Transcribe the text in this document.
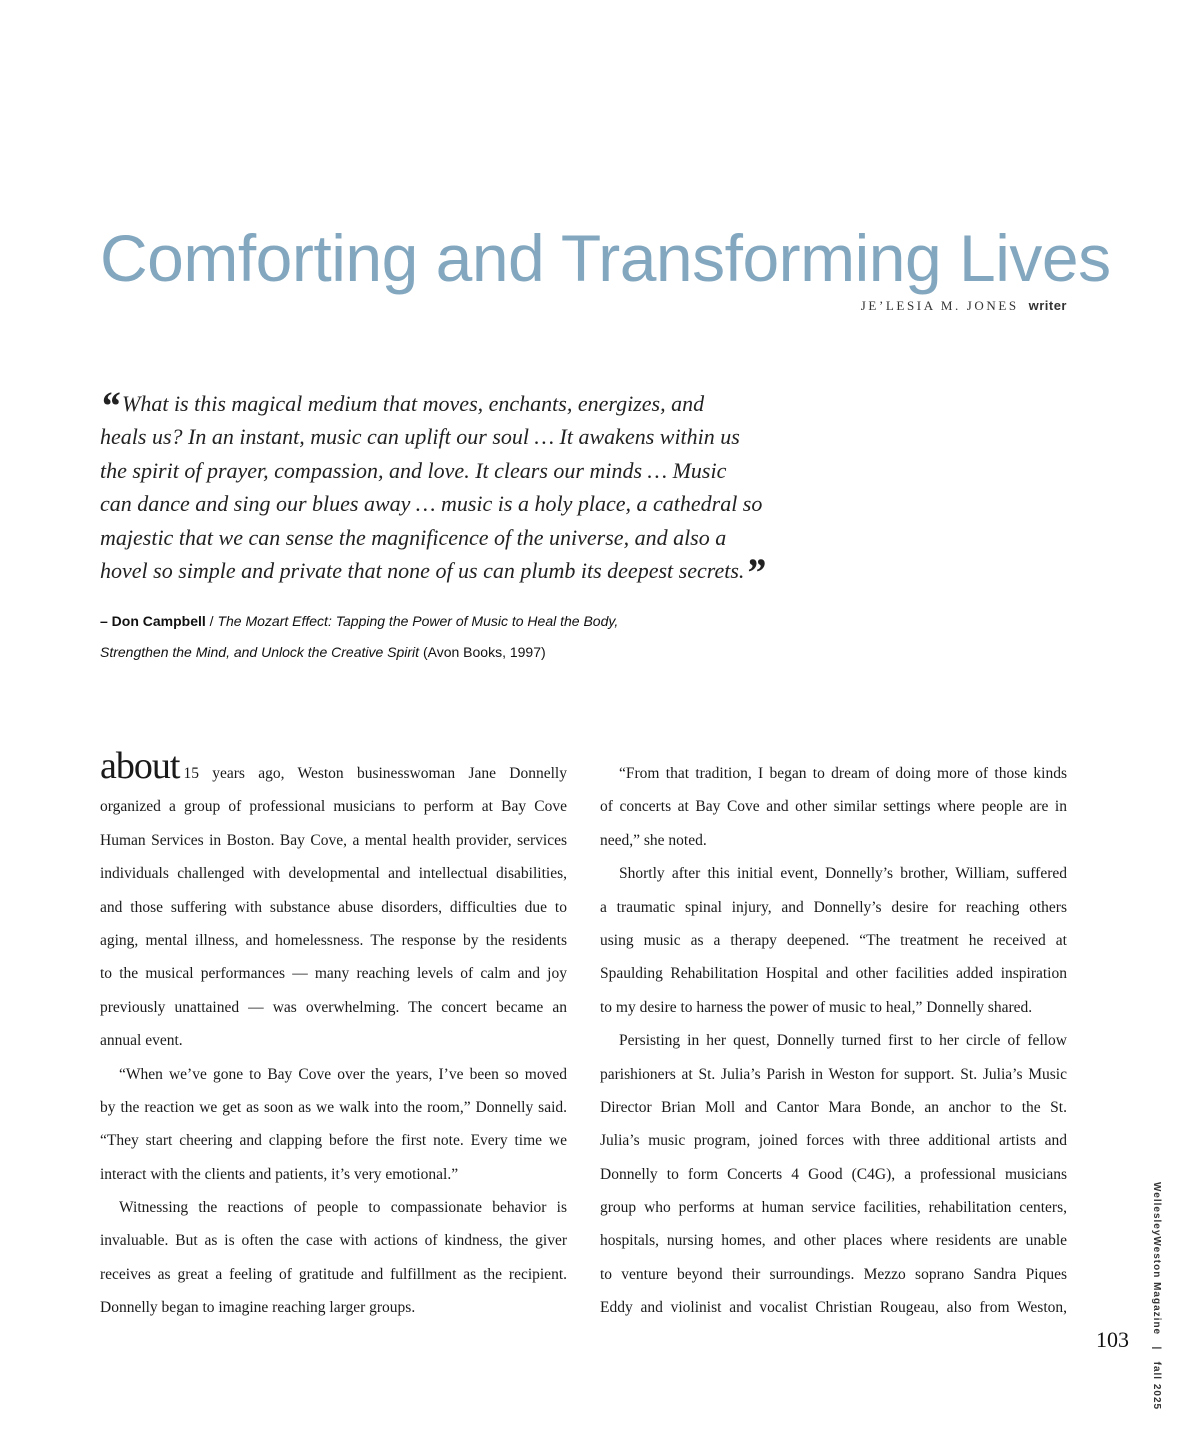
Comforting and Transforming Lives
JE’LESIA M. JONES writer
“What is this magical medium that moves, enchants, energizes, and
heals us? In an instant, music can uplift our soul … It awakens within us
the spirit of prayer, compassion, and love. It clears our minds … Music
can dance and sing our blues away … music is a holy place, a cathedral so
majestic that we can sense the magnificence of the universe, and also a
hovel so simple and private that none of us can plumb its deepest secrets.”
– Don Campbell / The Mozart Effect: Tapping the Power of Music to Heal the Body,
Strengthen the Mind, and Unlock the Creative Spirit (Avon Books, 1997)
about 15 years ago, Weston businesswoman Jane Donnelly
organized a group of professional musicians to perform at Bay Cove
Human Services in Boston. Bay Cove, a mental health provider, services
individuals challenged with developmental and intellectual disabilities,
and those suffering with substance abuse disorders, difficulties due to
aging, mental illness, and homelessness. The response by the residents
to the musical performances — many reaching levels of calm and joy
previously unattained — was overwhelming. The concert became an
annual event.
“When we’ve gone to Bay Cove over the years, I’ve been so moved
by the reaction we get as soon as we walk into the room,” Donnelly said.
“They start cheering and clapping before the first note. Every time we
interact with the clients and patients, it’s very emotional.”
Witnessing the reactions of people to compassionate behavior is
invaluable. But as is often the case with actions of kindness, the giver
receives as great a feeling of gratitude and fulfillment as the recipient.
Donnelly began to imagine reaching larger groups.
“From that tradition, I began to dream of doing more of those kinds
of concerts at Bay Cove and other similar settings where people are in
need,” she noted.
Shortly after this initial event, Donnelly’s brother, William, suffered
a traumatic spinal injury, and Donnelly’s desire for reaching others
using music as a therapy deepened. “The treatment he received at
Spaulding Rehabilitation Hospital and other facilities added inspiration
to my desire to harness the power of music to heal,” Donnelly shared.
Persisting in her quest, Donnelly turned first to her circle of fellow
parishioners at St. Julia’s Parish in Weston for support. St. Julia’s Music
Director Brian Moll and Cantor Mara Bonde, an anchor to the St.
Julia’s music program, joined forces with three additional artists and
Donnelly to form Concerts 4 Good (C4G), a professional musicians
group who performs at human service facilities, rehabilitation centers,
hospitals, nursing homes, and other places where residents are unable
to venture beyond their surroundings. Mezzo soprano Sandra Piques
Eddy and violinist and vocalist Christian Rougeau, also from Weston,	WellesleyWeston Magazine   |   fall 2025
103
